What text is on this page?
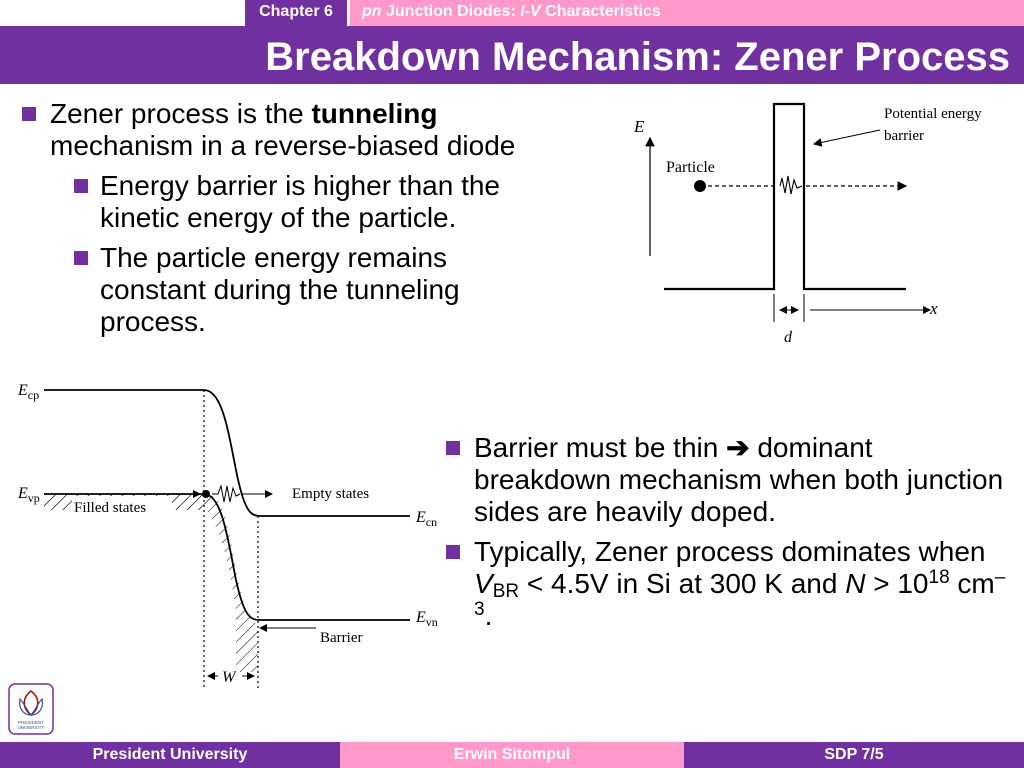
Chapter 6	pn Junction Diodes: I-V Characteristics
Breakdown Mechanism: Zener Process
Zener process is the tunneling
mechanism in a reverse-biased diode
Energy barrier is higher than the kinetic energy of the particle.
The particle energy remains constant during the tunneling process.
E
Particle
Potential energy
barrier
d
x
$E_{cp}$
$E_{vp}$
$E_{cn}$
$E_{vn}$
Filled states
Empty states
Barrier
W
Barrier must be thin ➔ dominant breakdown mechanism when both junction sides are heavily doped.
Typically, Zener process dominates when $V_{BR} < 4.5V$ in Si at 300 K and $N > 10^{18}$ $cm^{-3}$.
PRESIDENT
UNIVERSITY
President University	Erwin Sitompul	SDP 7/5
